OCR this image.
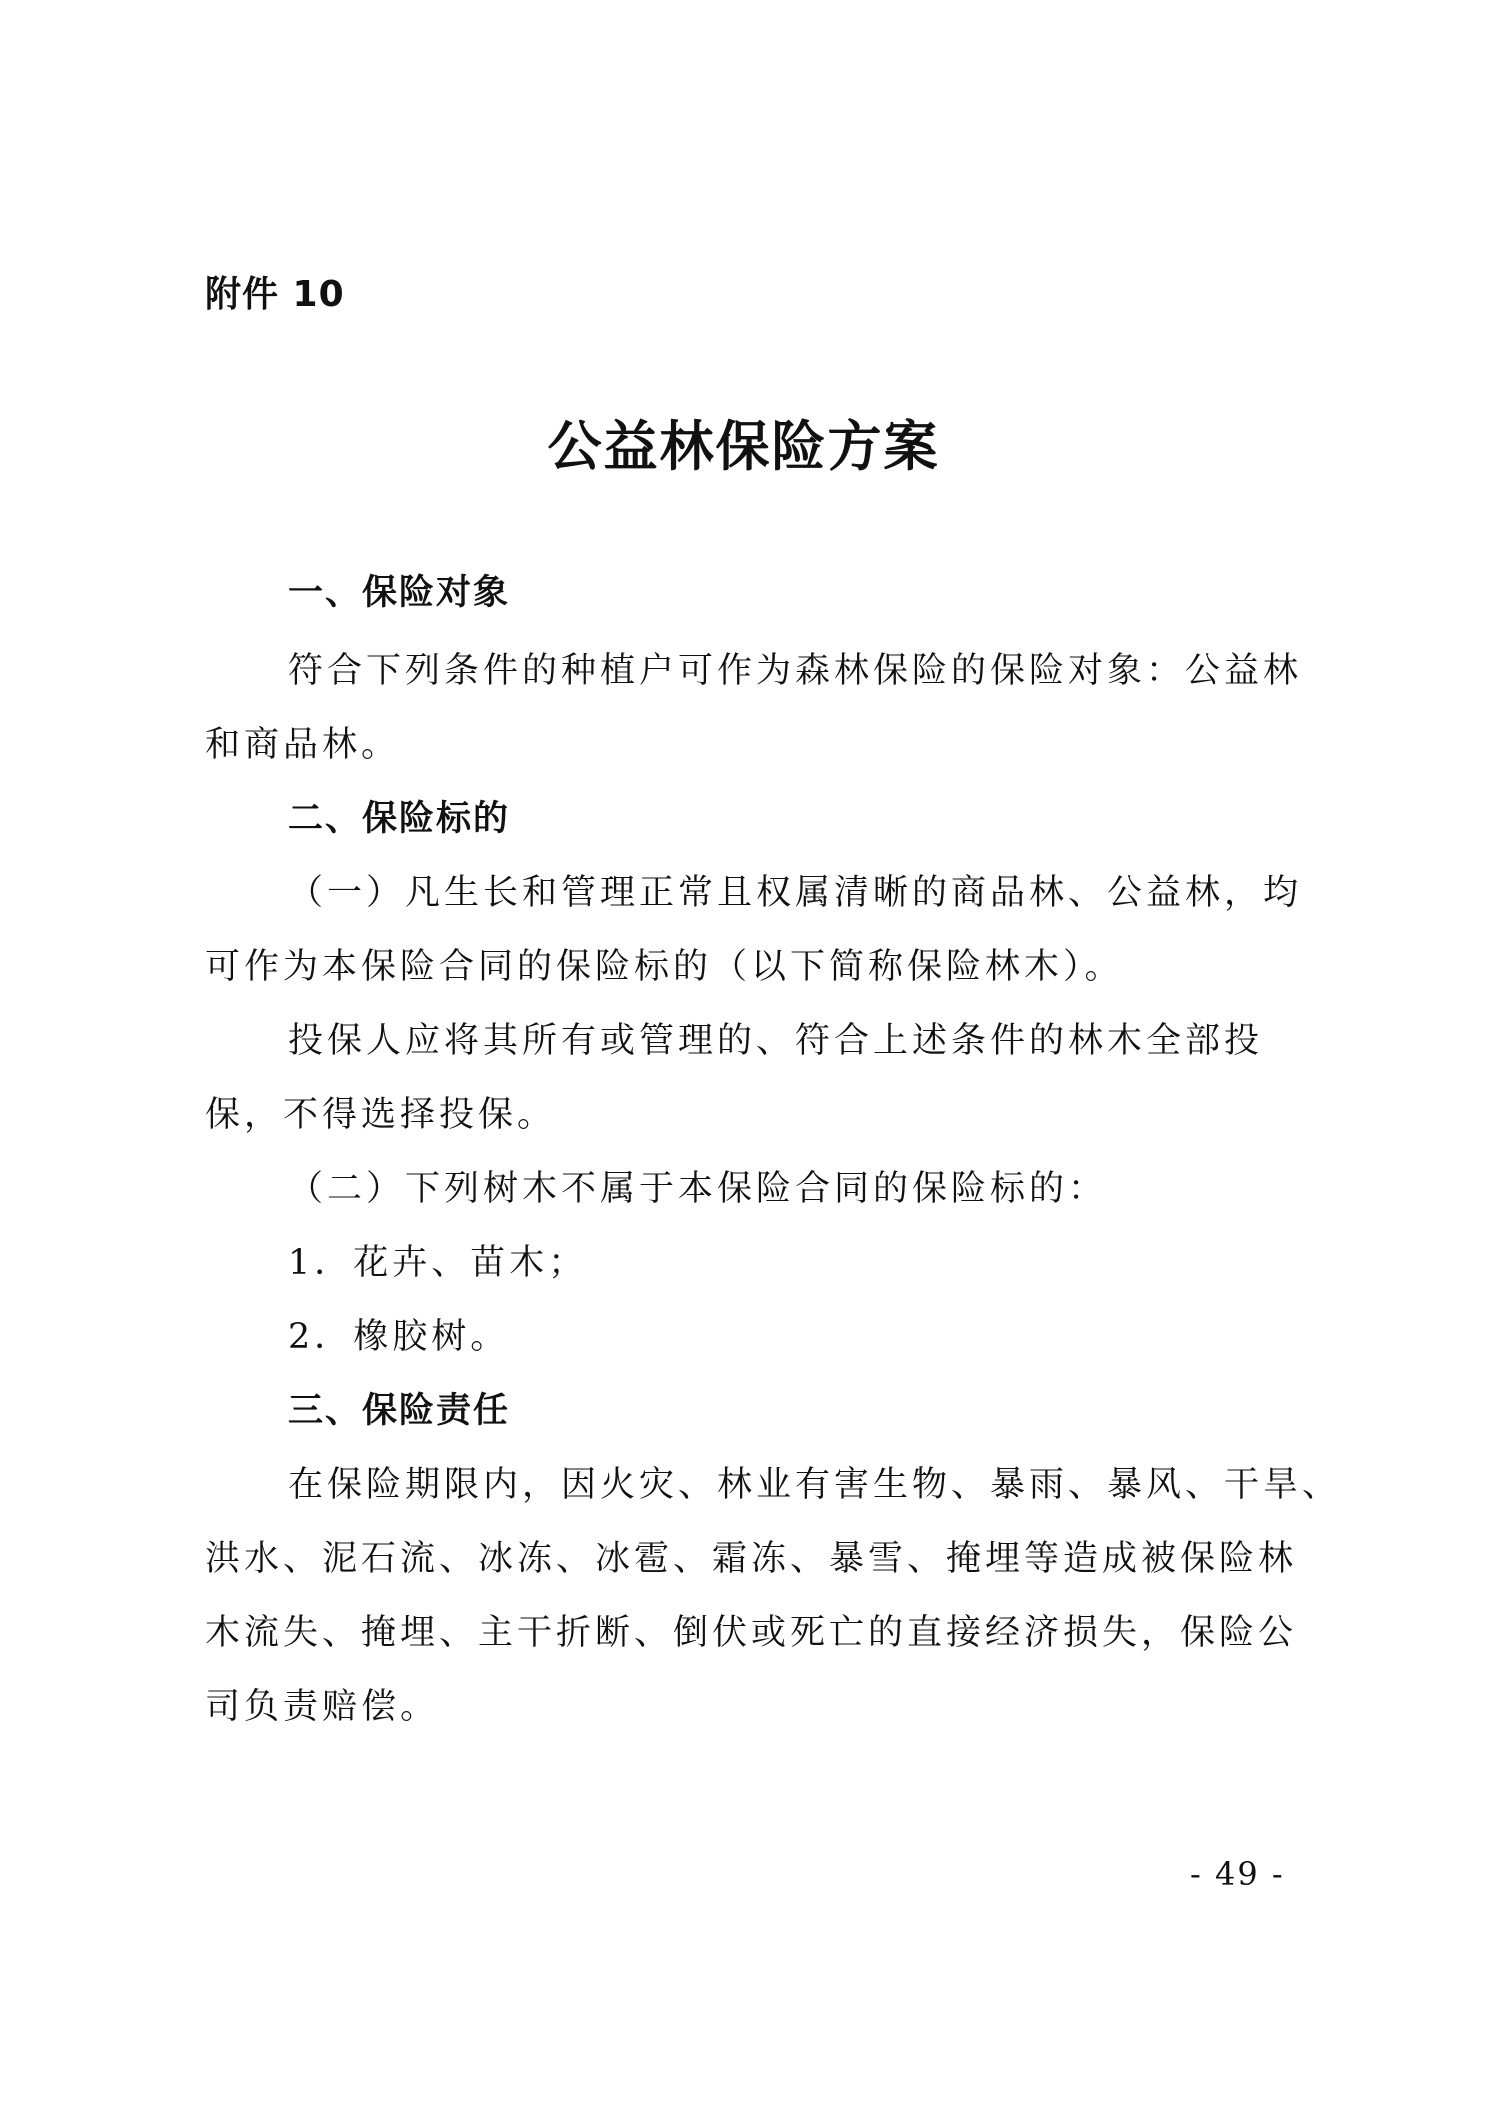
附件 10
公益林保险方案
一、保险对象
符合下列条件的种植户可作为森林保险的保险对象：公益林
和商品林。
二、保险标的
（一）凡生长和管理正常且权属清晰的商品林、公益林，均
可作为本保险合同的保险标的（以下简称保险林木）。
投保人应将其所有或管理的、符合上述条件的林木全部投
保，不得选择投保。
（二）下列树木不属于本保险合同的保险标的：
1．花卉、苗木；
2．橡胶树。
三、保险责任
在保险期限内，因火灾、林业有害生物、暴雨、暴风、干旱、
洪水、泥石流、冰冻、冰雹、霜冻、暴雪、掩埋等造成被保险林
木流失、掩埋、主干折断、倒伏或死亡的直接经济损失，保险公
司负责赔偿。
- 49 -
